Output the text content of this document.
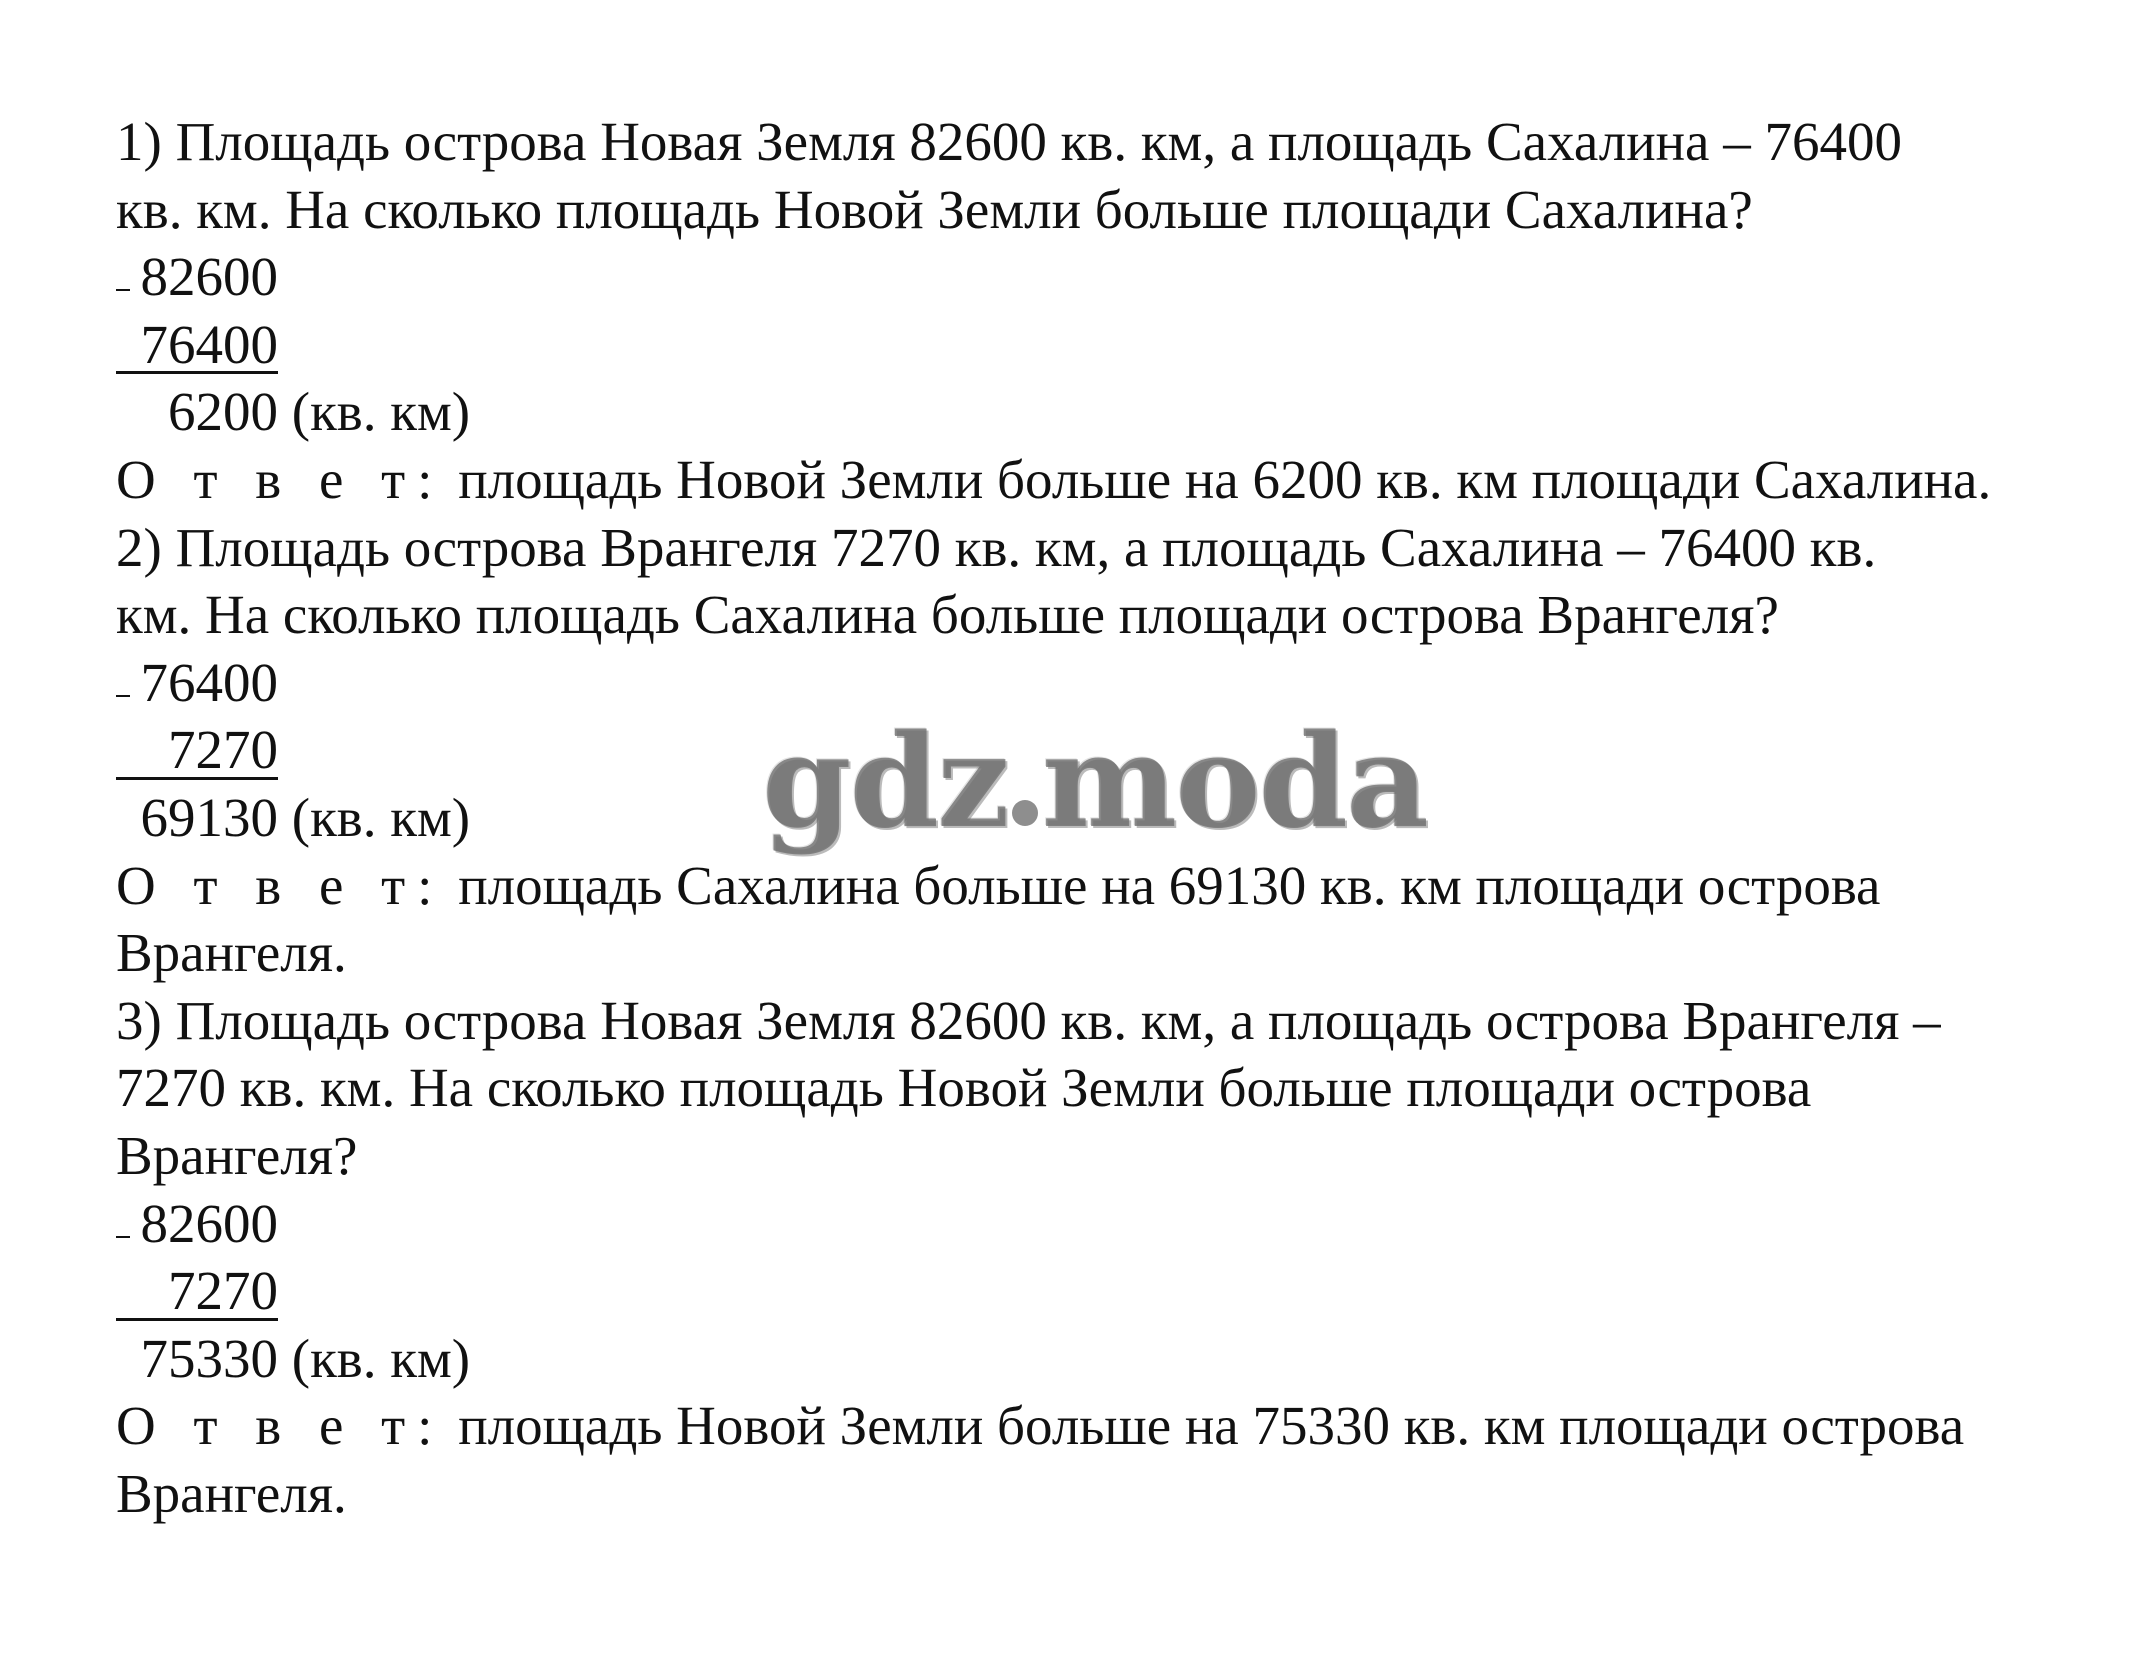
1) Площадь острова Новая Земля 82600 кв. км, а площадь Сахалина – 76400
кв. км. На сколько площадь Новой Земли больше площади Сахалина?

82600

76400

6200 (кв. км)

О т в е т: площадь Новой Земли больше на 6200 кв. км площади Сахалина.
2) Площадь острова Врангеля 7270 кв. км, а площадь Сахалина – 76400 кв.
км. На сколько площадь Сахалина больше площади острова Врангеля?

76400

7270

69130 (кв. км)

О т в е т: площадь Сахалина больше на 69130 кв. км площади острова
Врангеля.
3) Площадь острова Новая Земля 82600 кв. км, а площадь острова Врангеля –
7270 кв. км. На сколько площадь Новой Земли больше площади острова
Врангеля?

82600

7270

75330 (кв. км)

О т в е т: площадь Новой Земли больше на 75330 кв. км площади острова
Врангеля.
gdz moda
